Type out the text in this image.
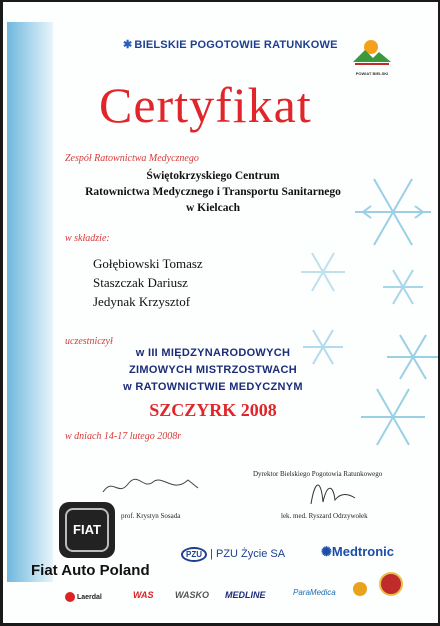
✱ BIELSKIE POGOTOWIE RATUNKOWE
POWIAT BIELSKI
Certyfikat
Zespół Ratownictwa Medycznego
Świętokrzyskiego Centrum
Ratownictwa Medycznego i Transportu Sanitarnego
w Kielcach
w składzie:
Gołębiowski Tomasz
Staszczak Dariusz
Jedynak Krzysztof
uczestniczył
w III MIĘDZYNARODOWYCH
ZIMOWYCH MISTRZOSTWACH
w RATOWNICTWIE MEDYCZNYM
SZCZYRK 2008
w dniach 14-17 lutego 2008r
Dyrektor Bielskiego Pogotowia Ratunkowego
prof. Krystyn Sosada	lek. med. Ryszard Odrzywołek
FIAT
Fiat Auto Poland
PZU | PZU Życie SA	✺Medtronic
Laerdal	WAS WASKO MEDLINE	ParaMedica
